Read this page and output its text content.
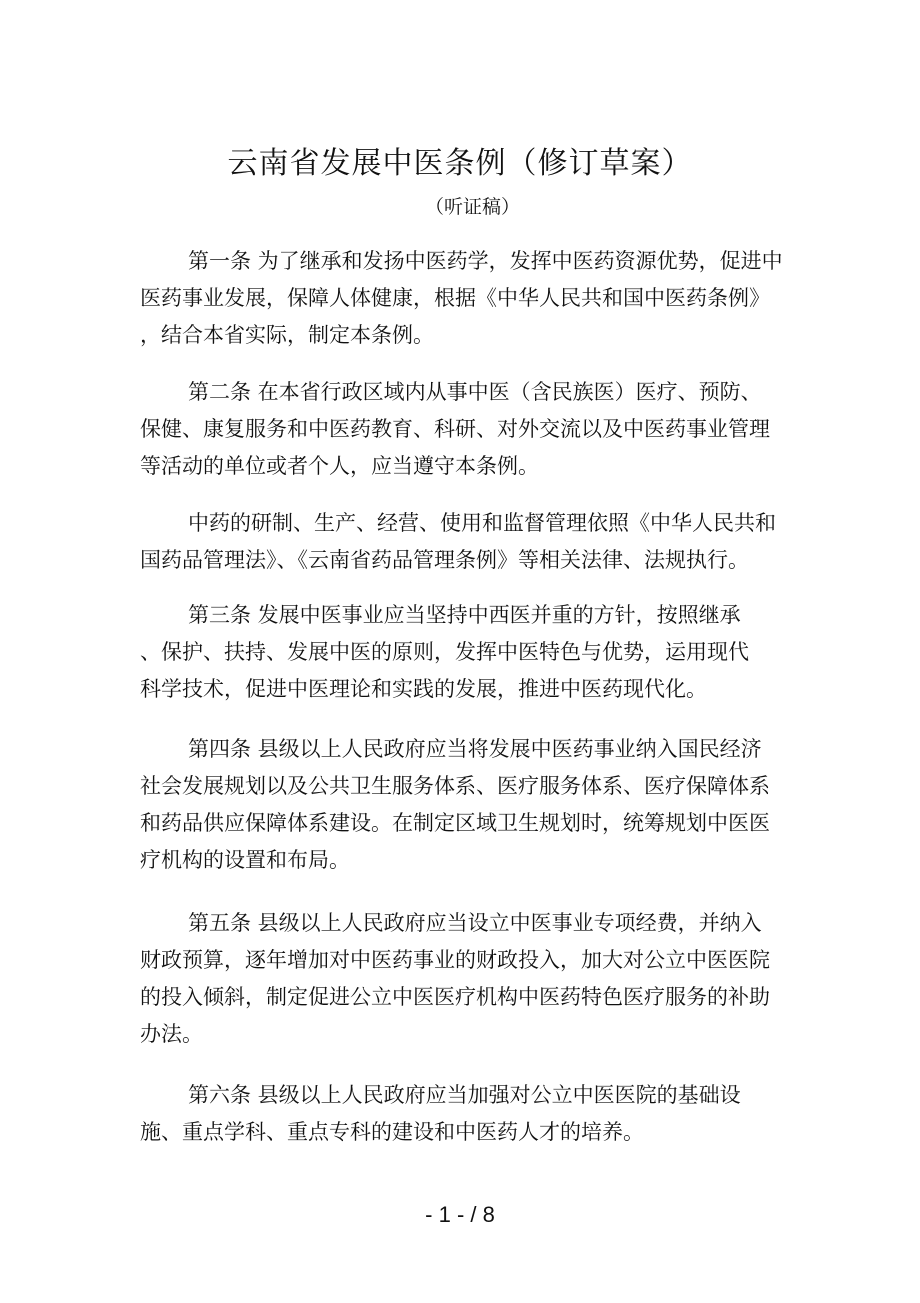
云南省发展中医条例（修订草案）
（听证稿）

第一条 为了继承和发扬中医药学，发挥中医药资源优势，促进中
医药事业发展，保障人体健康，根据《中华人民共和国中医药条例》
，结合本省实际，制定本条例。

第二条 在本省行政区域内从事中医（含民族医）医疗、预防、
保健、康复服务和中医药教育、科研、对外交流以及中医药事业管理
等活动的单位或者个人，应当遵守本条例。

中药的研制、生产、经营、使用和监督管理依照《中华人民共和
国药品管理法》、《云南省药品管理条例》等相关法律、法规执行。

第三条 发展中医事业应当坚持中西医并重的方针，按照继承
、保护、扶持、发展中医的原则，发挥中医特色与优势，运用现代
科学技术，促进中医理论和实践的发展，推进中医药现代化。

第四条 县级以上人民政府应当将发展中医药事业纳入国民经济
社会发展规划以及公共卫生服务体系、医疗服务体系、医疗保障体系
和药品供应保障体系建设。在制定区域卫生规划时，统筹规划中医医
疗机构的设置和布局。

第五条 县级以上人民政府应当设立中医事业专项经费，并纳入
财政预算，逐年增加对中医药事业的财政投入，加大对公立中医医院
的投入倾斜，制定促进公立中医医疗机构中医药特色医疗服务的补助
办法。

第六条 县级以上人民政府应当加强对公立中医医院的基础设
施、重点学科、重点专科的建设和中医药人才的培养。

- 1 - / 8
